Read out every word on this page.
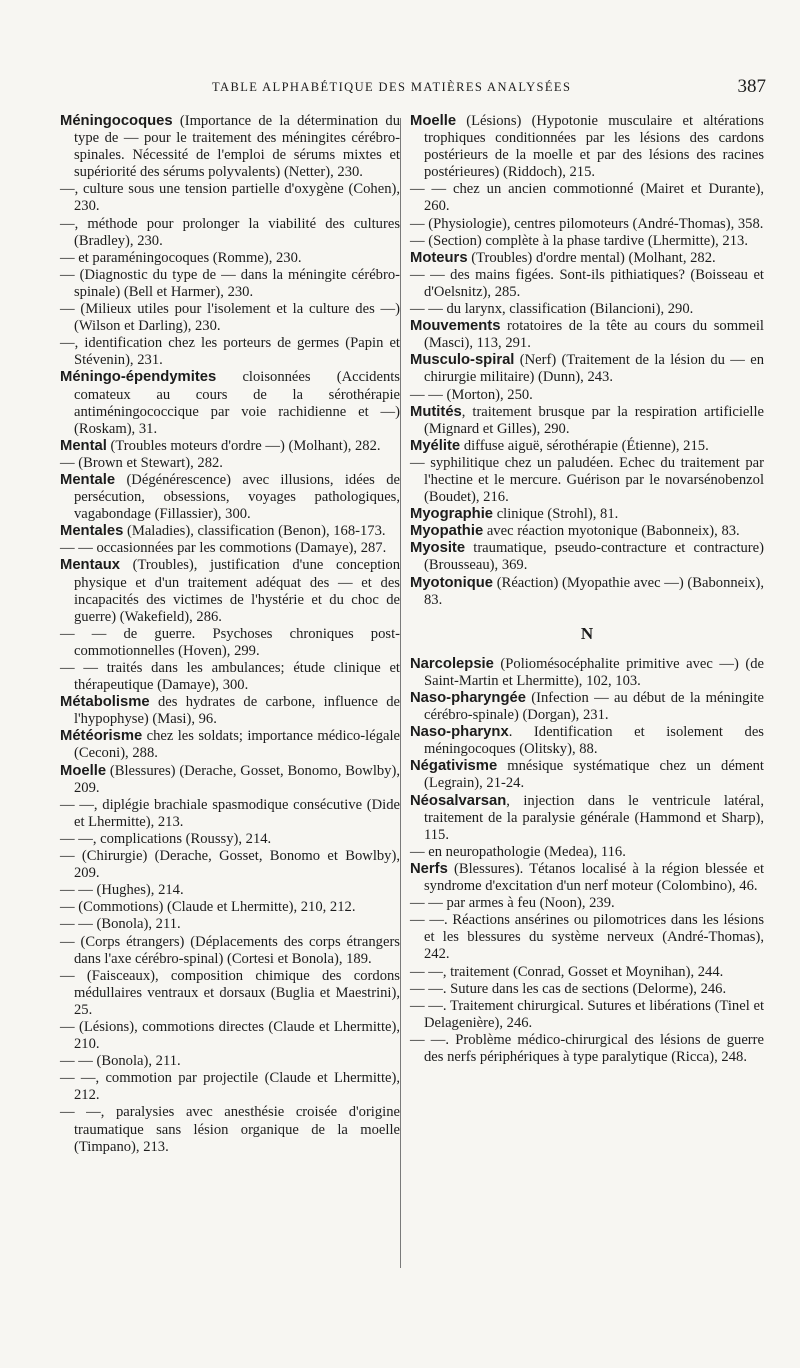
TABLE ALPHABÉTIQUE DES MATIÈRES ANALYSÉES	387

Méningocoques (Importance de la détermination du type de — pour le traitement des méningites cérébro-spinales. Nécessité de l'emploi de sérums mixtes et supériorité des sérums polyvalents) (Netter), 230.

—, culture sous une tension partielle d'oxygène (Cohen), 230.

—, méthode pour prolonger la viabilité des cultures (Bradley), 230.

— et paraméningocoques (Romme), 230.

— (Diagnostic du type de — dans la méningite cérébro-spinale) (Bell et Harmer), 230.

— (Milieux utiles pour l'isolement et la culture des —) (Wilson et Darling), 230.

—, identification chez les porteurs de germes (Papin et Stévenin), 231.

Méningo-épendymites cloisonnées (Accidents comateux au cours de la sérothérapie antiméningococcique par voie rachidienne et —) (Roskam), 31.

Mental (Troubles moteurs d'ordre —) (Molhant), 282.

— (Brown et Stewart), 282.

Mentale (Dégénérescence) avec illusions, idées de persécution, obsessions, voyages pathologiques, vagabondage (Fillassier), 300.

Mentales (Maladies), classification (Benon), 168-173.

— — occasionnées par les commotions (Damaye), 287.

Mentaux (Troubles), justification d'une conception physique et d'un traitement adéquat des — et des incapacités des victimes de l'hystérie et du choc de guerre) (Wakefield), 286.

— — de guerre. Psychoses chroniques post-commotionnelles (Hoven), 299.

— — traités dans les ambulances; étude clinique et thérapeutique (Damaye), 300.

Métabolisme des hydrates de carbone, influence de l'hypophyse) (Masi), 96.

Météorisme chez les soldats; importance médico-légale (Ceconi), 288.

Moelle (Blessures) (Derache, Gosset, Bonomo, Bowlby), 209.

— —, diplégie brachiale spasmodique consécutive (Dide et Lhermitte), 213.

— —, complications (Roussy), 214.

— (Chirurgie) (Derache, Gosset, Bonomo et Bowlby), 209.

— — (Hughes), 214.

— (Commotions) (Claude et Lhermitte), 210, 212.

— — (Bonola), 211.

— (Corps étrangers) (Déplacements des corps étrangers dans l'axe cérébro-spinal) (Cortesi et Bonola), 189.

— (Faisceaux), composition chimique des cordons médullaires ventraux et dorsaux (Buglia et Maestrini), 25.

— (Lésions), commotions directes (Claude et Lhermitte), 210.

— — (Bonola), 211.

— —, commotion par projectile (Claude et Lhermitte), 212.

— —, paralysies avec anesthésie croisée d'origine traumatique sans lésion organique de la moelle (Timpano), 213.

Moelle (Lésions) (Hypotonie musculaire et altérations trophiques conditionnées par les lésions des cardons postérieurs de la moelle et par des lésions des racines postérieures) (Riddoch), 215.

— — chez un ancien commotionné (Mairet et Durante), 260.

— (Physiologie), centres pilomoteurs (André-Thomas), 358.

— (Section) complète à la phase tardive (Lhermitte), 213.

Moteurs (Troubles) d'ordre mental) (Molhant, 282.

— — des mains figées. Sont-ils pithiatiques? (Boisseau et d'Oelsnitz), 285.

— — du larynx, classification (Bilancioni), 290.

Mouvements rotatoires de la tête au cours du sommeil (Masci), 113, 291.

Musculo-spiral (Nerf) (Traitement de la lésion du — en chirurgie militaire) (Dunn), 243.

— — (Morton), 250.

Mutités, traitement brusque par la respiration artificielle (Mignard et Gilles), 290.

Myélite diffuse aiguë, sérothérapie (Étienne), 215.

— syphilitique chez un paludéen. Echec du traitement par l'hectine et le mercure. Guérison par le novarsénobenzol (Boudet), 216.

Myographie clinique (Strohl), 81.

Myopathie avec réaction myotonique (Babonneix), 83.

Myosite traumatique, pseudo-contracture et contracture) (Brousseau), 369.

Myotonique (Réaction) (Myopathie avec —) (Babonneix), 83.

N

Narcolepsie (Poliomésocéphalite primitive avec —) (de Saint-Martin et Lhermitte), 102, 103.

Naso-pharyngée (Infection — au début de la méningite cérébro-spinale) (Dorgan), 231.

Naso-pharynx. Identification et isolement des méningocoques (Olitsky), 88.

Négativisme mnésique systématique chez un dément (Legrain), 21-24.

Néosalvarsan, injection dans le ventricule latéral, traitement de la paralysie générale (Hammond et Sharp), 115.

— en neuropathologie (Medea), 116.

Nerfs (Blessures). Tétanos localisé à la région blessée et syndrome d'excitation d'un nerf moteur (Colombino), 46.

— — par armes à feu (Noon), 239.

— —. Réactions ansérines ou pilomotrices dans les lésions et les blessures du système nerveux (André-Thomas), 242.

— —, traitement (Conrad, Gosset et Moynihan), 244.

— —. Suture dans les cas de sections (Delorme), 246.

— —. Traitement chirurgical. Sutures et libérations (Tinel et Delagenière), 246.

— —. Problème médico-chirurgical des lésions de guerre des nerfs périphériques à type paralytique (Ricca), 248.
